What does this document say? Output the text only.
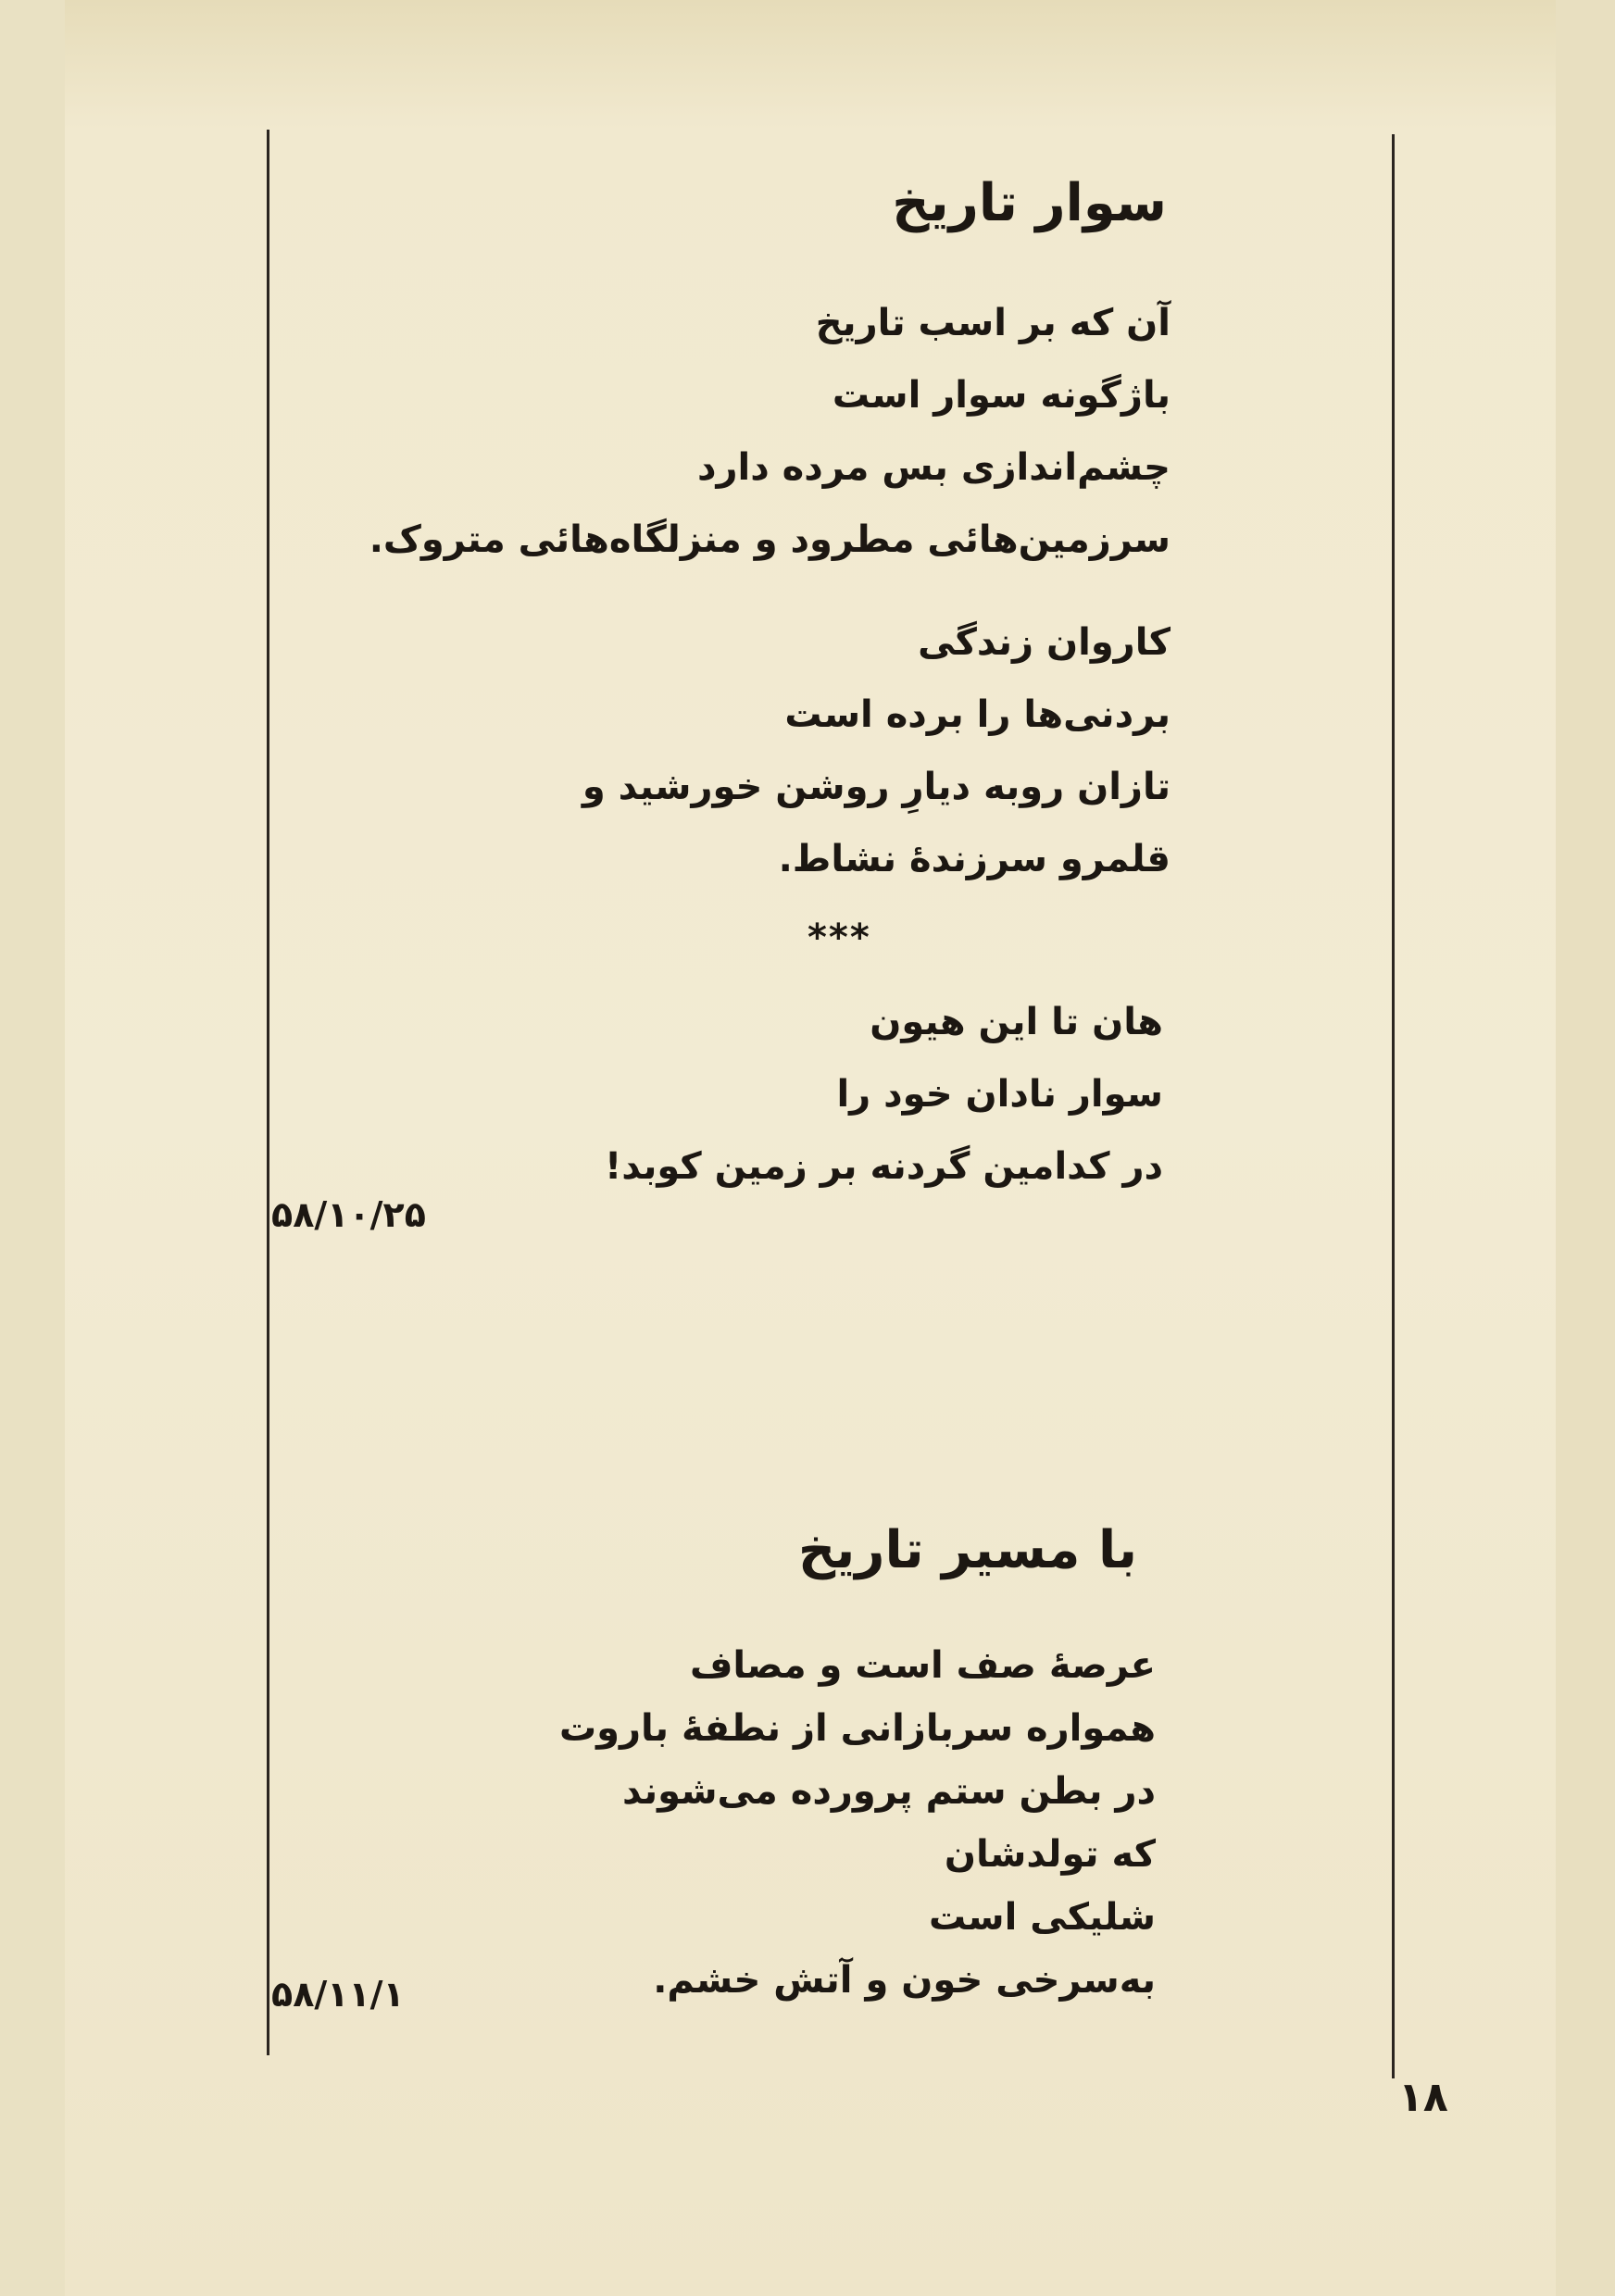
سوار تاریخ
آن که بر اسب تاریخ
باژگونه سوار است
چشم‌اندازی بس مرده دارد
سرزمین‌هائی مطرود و منزلگاه‌هائی متروک.
کاروان زندگی
بردنی‌ها را برده است
تازان روبه دیارِ روشن خورشید و
قلمرو سرزندهٔ نشاط.
***
هان تا این هیون
سوار نادان خود را
در کدامین گردنه بر زمین کوبد!
۵۸/۱۰/۲۵
با مسیر تاریخ
عرصهٔ صف است و مصاف
همواره سربازانی از نطفهٔ باروت
در بطن ستم پرورده می‌شوند
که تولدشان
شلیکی است
به‌سرخی خون و آتش خشم.
۵۸/۱۱/۱
۱۸
